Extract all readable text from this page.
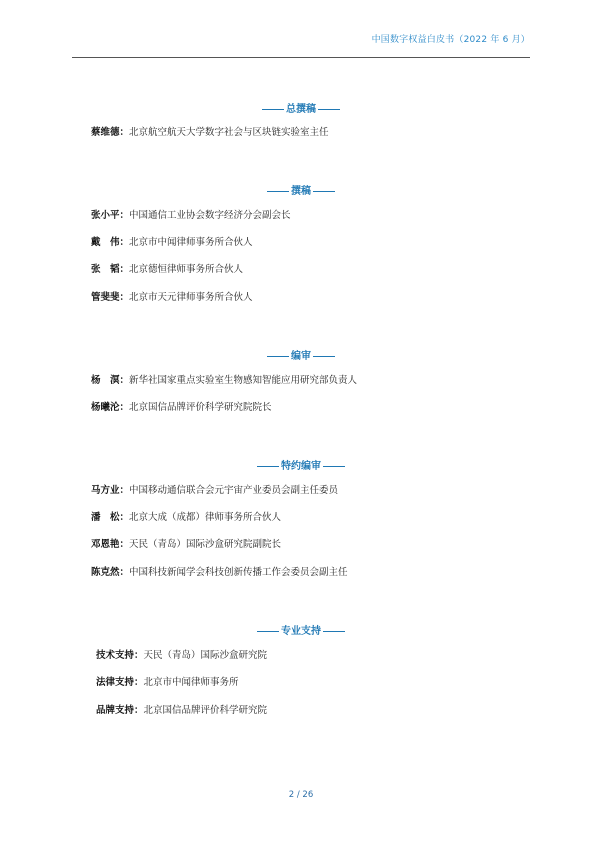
中国数字权益白皮书（2022 年 6 月）
总撰稿
蔡维德：北京航空航天大学数字社会与区块链实验室主任
撰稿
张小平：中国通信工业协会数字经济分会副会长
戴　伟：北京市中闻律师事务所合伙人
张　韬：北京德恒律师事务所合伙人
管斐斐：北京市天元律师事务所合伙人
编审
杨　溟：新华社国家重点实验室生物感知智能应用研究部负责人
杨曦沦：北京国信品牌评价科学研究院院长
特约编审
马方业：中国移动通信联合会元宇宙产业委员会副主任委员
潘　松：北京大成（成都）律师事务所合伙人
邓恩艳：天民（青岛）国际沙盒研究院副院长
陈克然：中国科技新闻学会科技创新传播工作会委员会副主任
专业支持
技术支持：天民（青岛）国际沙盒研究院
法律支持：北京市中闻律师事务所
品牌支持：北京国信品牌评价科学研究院
2 / 26
